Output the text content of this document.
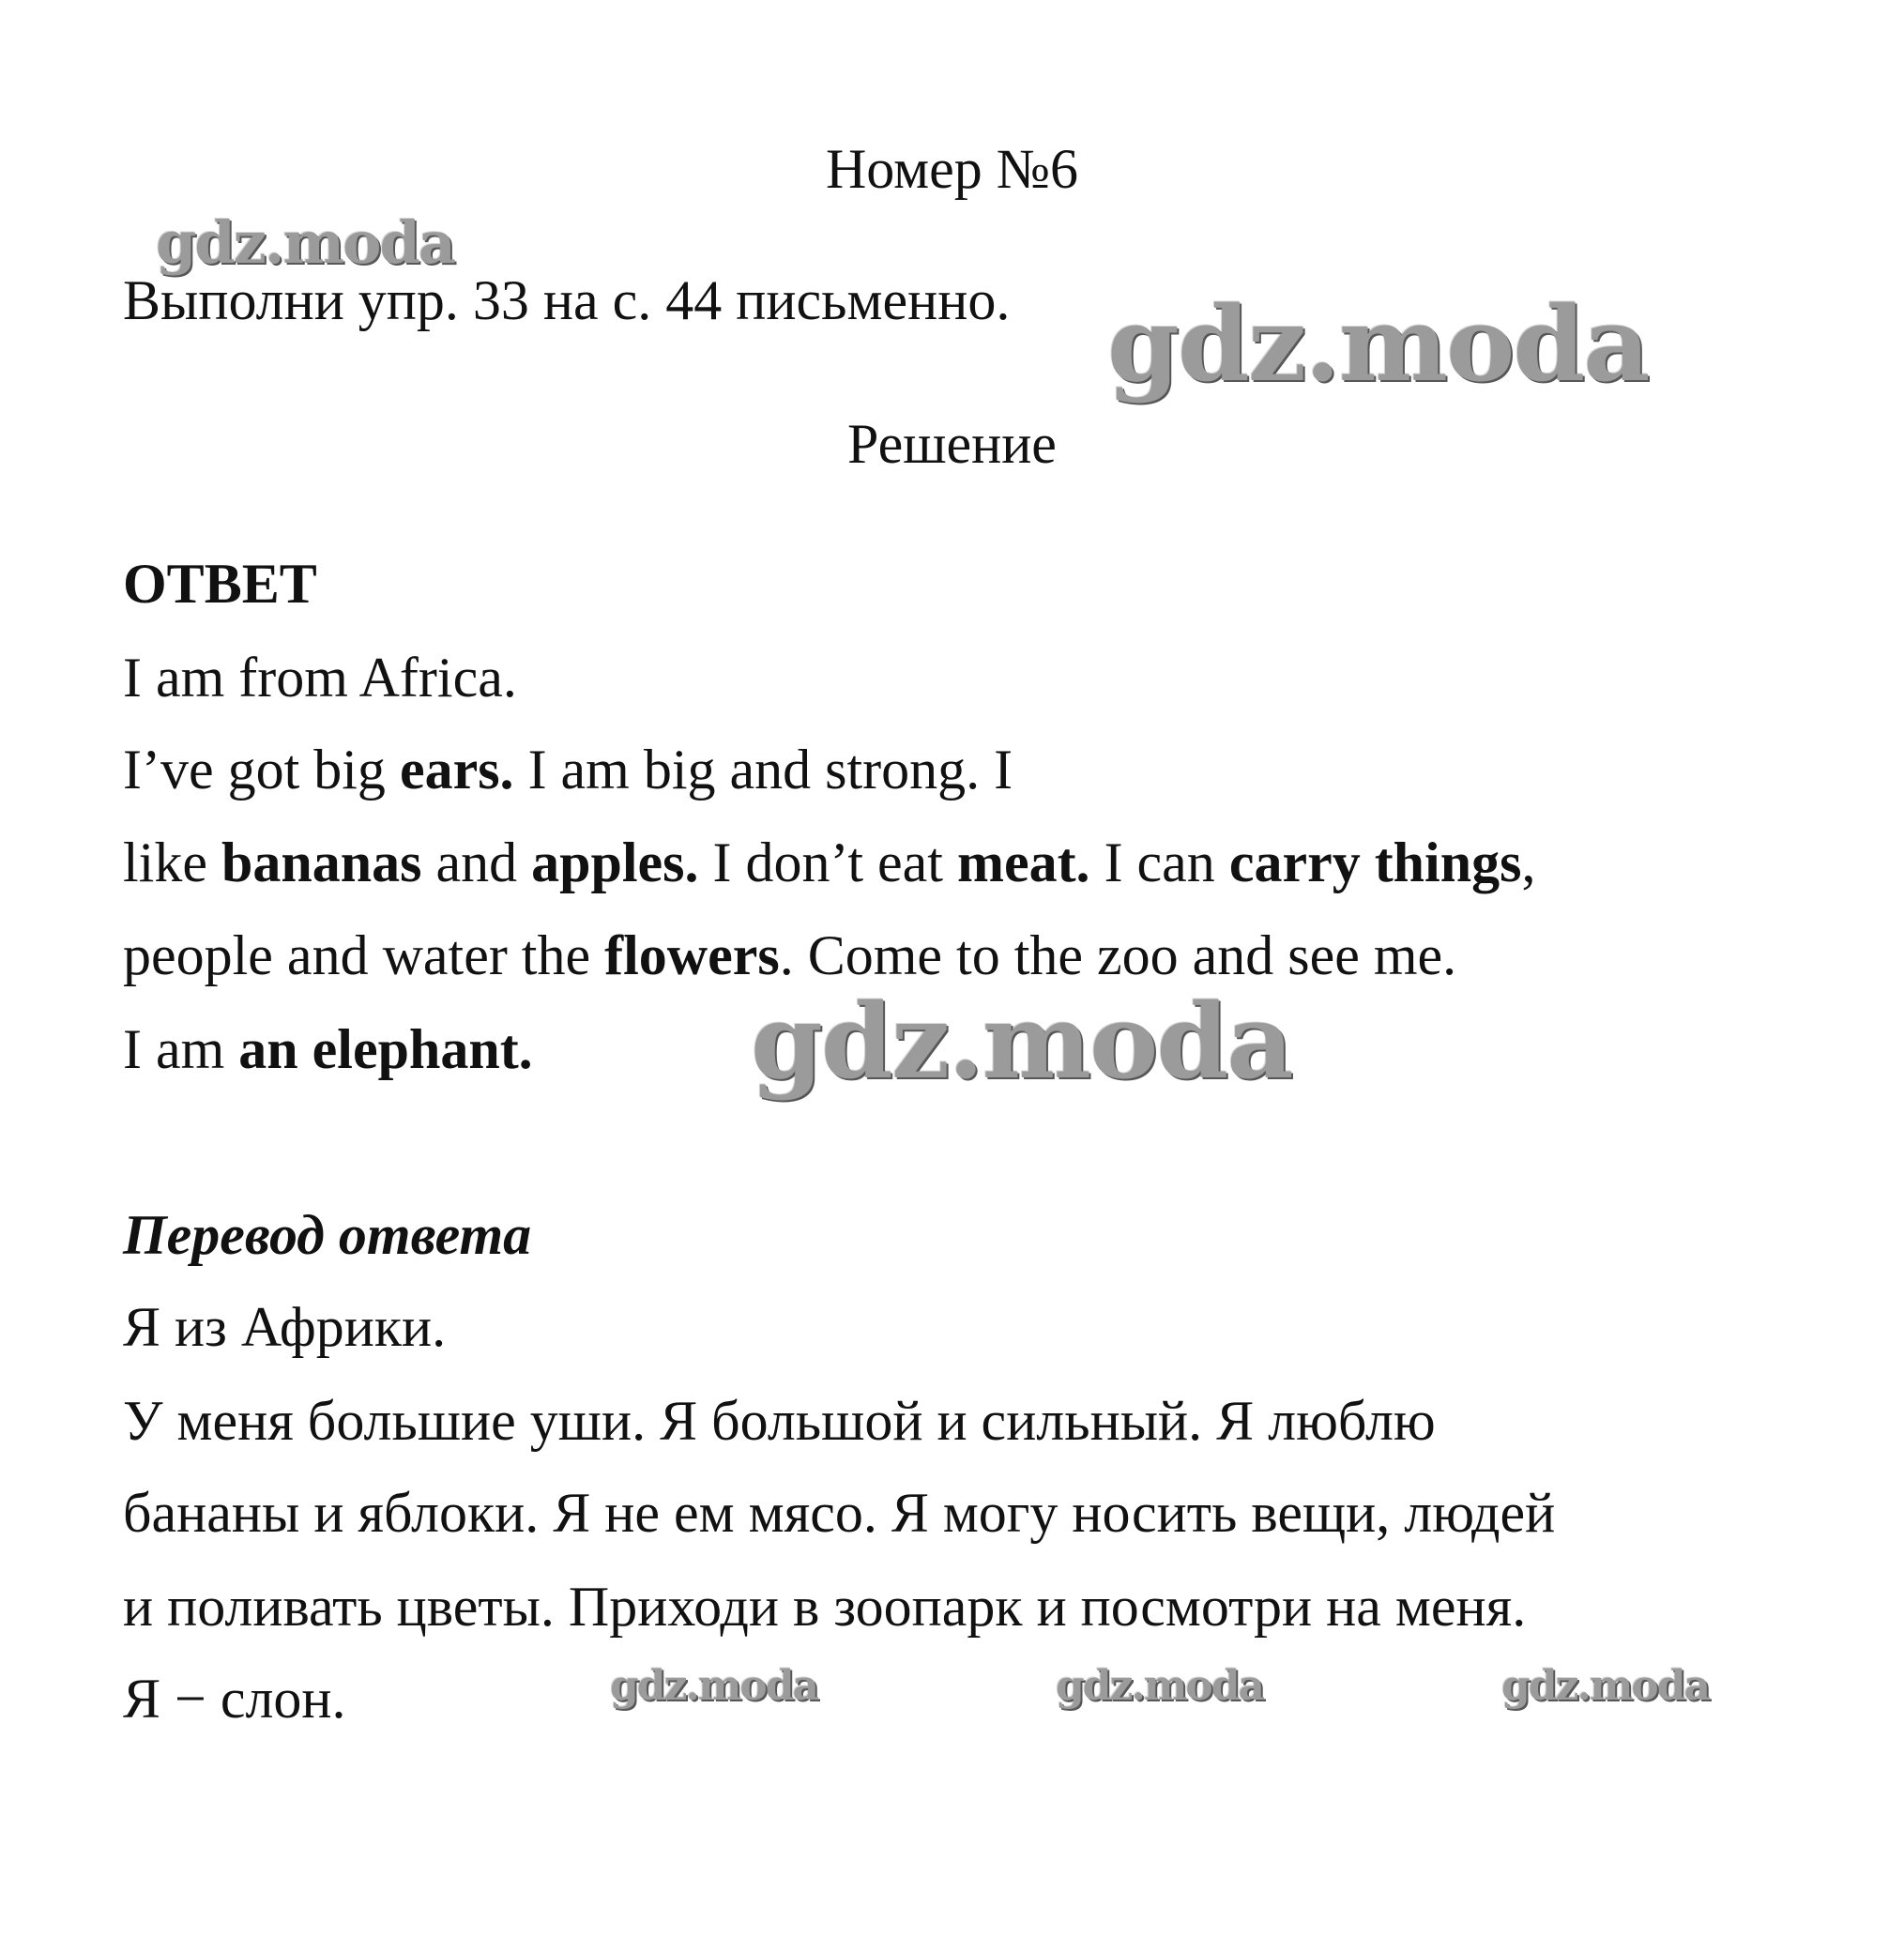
Номер №6
Выполни упр. 33 на с. 44 письменно.
Решение
ОТВЕТ
I am from Africa.
I’ve got big ears. I am big and strong. I
like bananas and apples. I don’t eat meat. I can carry things,
people and water the flowers. Come to the zoo and see me.
I am an elephant.
Перевод ответа
Я из Африки.
У меня большие уши. Я большой и сильный. Я люблю
бананы и яблоки. Я не ем мясо. Я могу носить вещи, людей
и поливать цветы. Приходи в зоопарк и посмотри на меня.
Я − слон.
gdz.moda
gdz.moda
gdz.moda
gdz.moda	gdz.moda	gdz.moda
